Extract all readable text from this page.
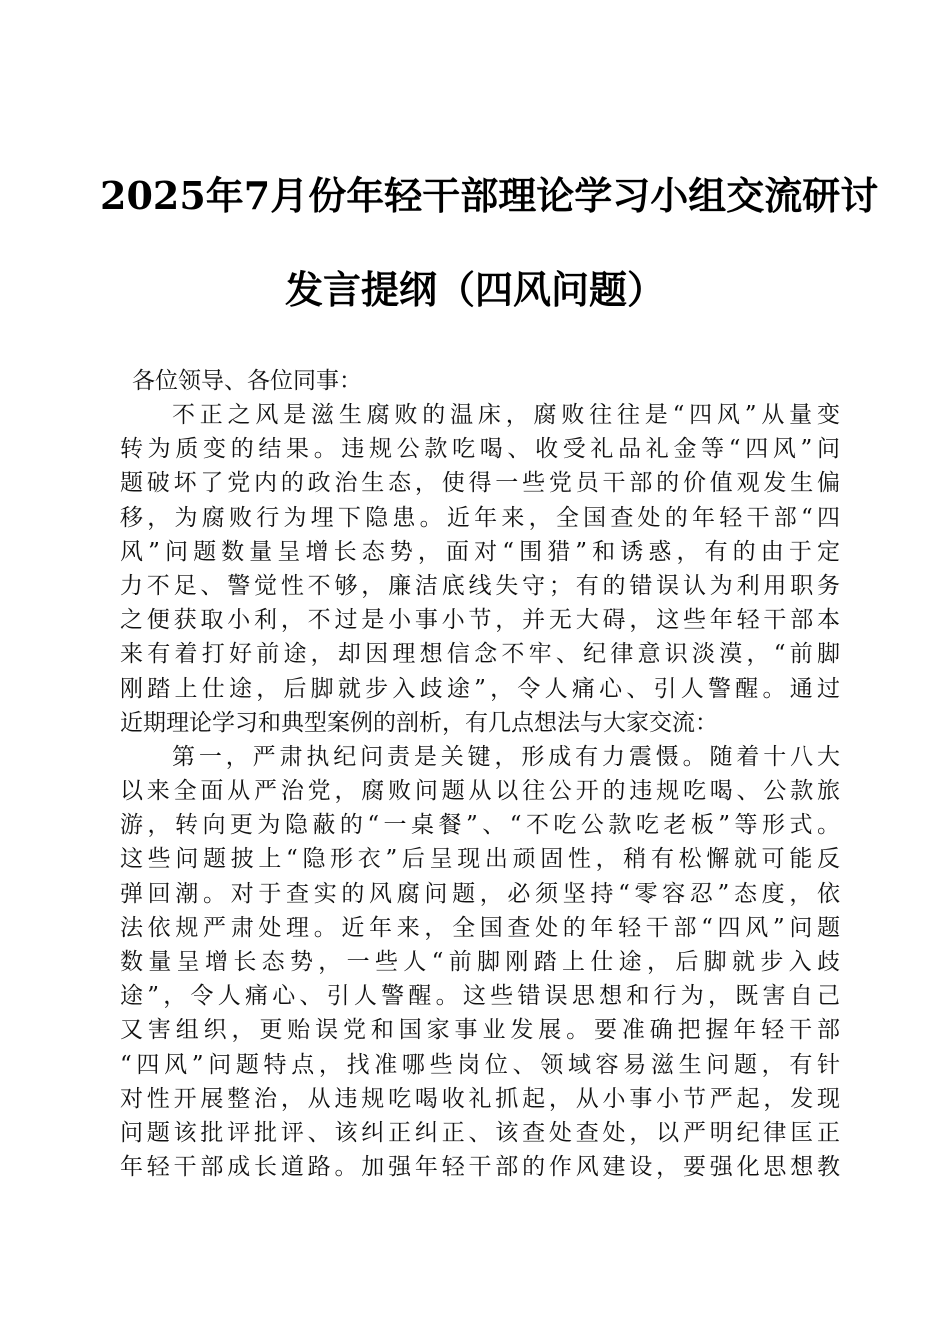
2025年7月份年轻干部理论学习小组交流研讨
发言提纲（四风问题）
各位领导、各位同事：
不正之风是滋生腐败的温床，腐败往往是“四风”从量变
转为质变的结果。违规公款吃喝、收受礼品礼金等“四风”问
题破坏了党内的政治生态，使得一些党员干部的价值观发生偏
移，为腐败行为埋下隐患。近年来，全国查处的年轻干部“四
风”问题数量呈增长态势，面对“围猎”和诱惑，有的由于定
力不足、警觉性不够，廉洁底线失守；有的错误认为利用职务
之便获取小利，不过是小事小节，并无大碍，这些年轻干部本
来有着打好前途，却因理想信念不牢、纪律意识淡漠，“前脚
刚踏上仕途，后脚就步入歧途”，令人痛心、引人警醒。通过
近期理论学习和典型案例的剖析，有几点想法与大家交流：
第一，严肃执纪问责是关键，形成有力震慑。随着十八大
以来全面从严治党，腐败问题从以往公开的违规吃喝、公款旅
游，转向更为隐蔽的“一桌餐”、“不吃公款吃老板”等形式。
这些问题披上“隐形衣”后呈现出顽固性，稍有松懈就可能反
弹回潮。对于查实的风腐问题，必须坚持“零容忍”态度，依
法依规严肃处理。近年来，全国查处的年轻干部“四风”问题
数量呈增长态势，一些人“前脚刚踏上仕途，后脚就步入歧
途”，令人痛心、引人警醒。这些错误思想和行为，既害自己
又害组织，更贻误党和国家事业发展。要准确把握年轻干部
“四风”问题特点，找准哪些岗位、领域容易滋生问题，有针
对性开展整治，从违规吃喝收礼抓起，从小事小节严起，发现
问题该批评批评、该纠正纠正、该查处查处，以严明纪律匡正
年轻干部成长道路。加强年轻干部的作风建设，要强化思想教
